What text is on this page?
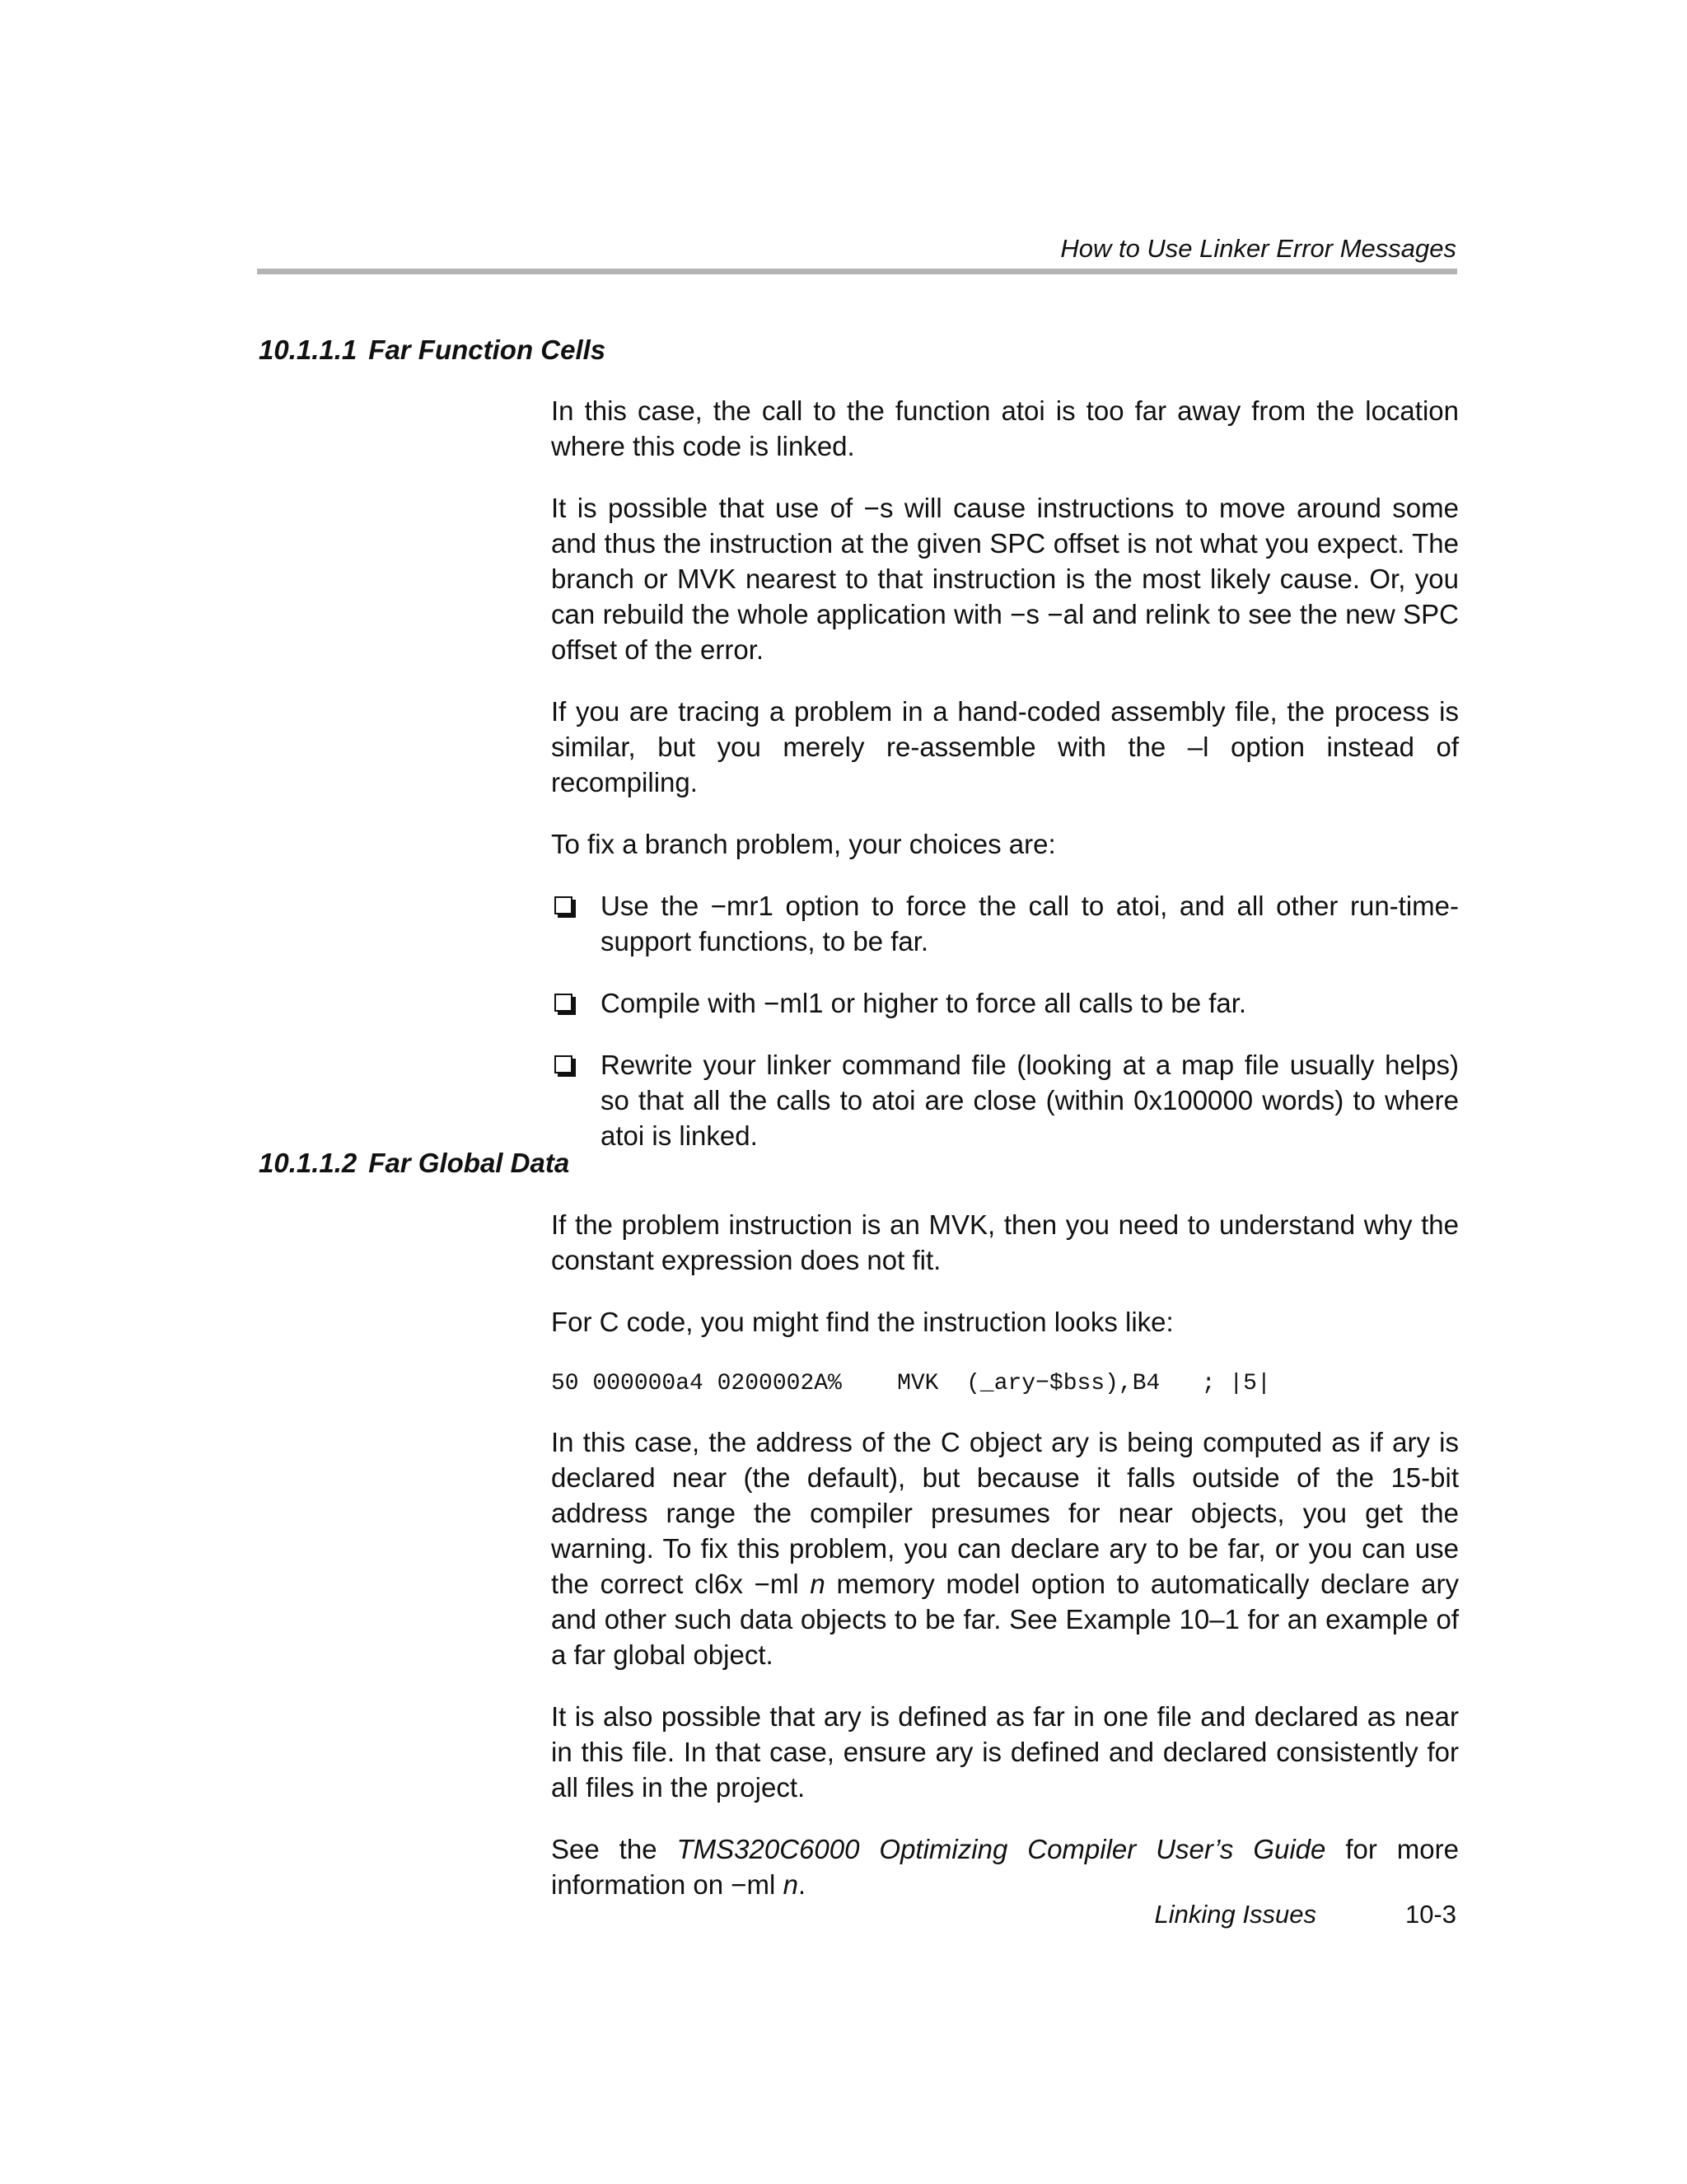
How to Use Linker Error Messages
10.1.1.1 Far Function Cells

In this case, the call to the function atoi is too far away from the location where this code is linked.

It is possible that use of −s will cause instructions to move around some and thus the instruction at the given SPC offset is not what you expect. The branch or MVK nearest to that instruction is the most likely cause. Or, you can rebuild the whole application with −s −al and relink to see the new SPC offset of the error.

If you are tracing a problem in a hand-coded assembly file, the process is similar, but you merely re-assemble with the –l option instead of recompiling.

To fix a branch problem, your choices are:

Use the −mr1 option to force the call to atoi, and all other run-time-support functions, to be far.
Compile with −ml1 or higher to force all calls to be far.
Rewrite your linker command file (looking at a map file usually helps) so that all the calls to atoi are close (within 0x100000 words) to where atoi is linked.
10.1.1.2 Far Global Data

If the problem instruction is an MVK, then you need to understand why the constant expression does not fit.

For C code, you might find the instruction looks like:

50 000000a4 0200002A%    MVK  (_ary−$bss),B4   ; |5|

In this case, the address of the C object ary is being computed as if ary is declared near (the default), but because it falls outside of the 15-bit address range the compiler presumes for near objects, you get the warning. To fix this problem, you can declare ary to be far, or you can use the correct cl6x −ml n memory model option to automatically declare ary and other such data objects to be far. See Example 10–1 for an example of a far global object.

It is also possible that ary is defined as far in one file and declared as near in this file. In that case, ensure ary is defined and declared consistently for all files in the project.

See the TMS320C6000 Optimizing Compiler User’s Guide for more information on −ml n.

Linking Issues	10-3
